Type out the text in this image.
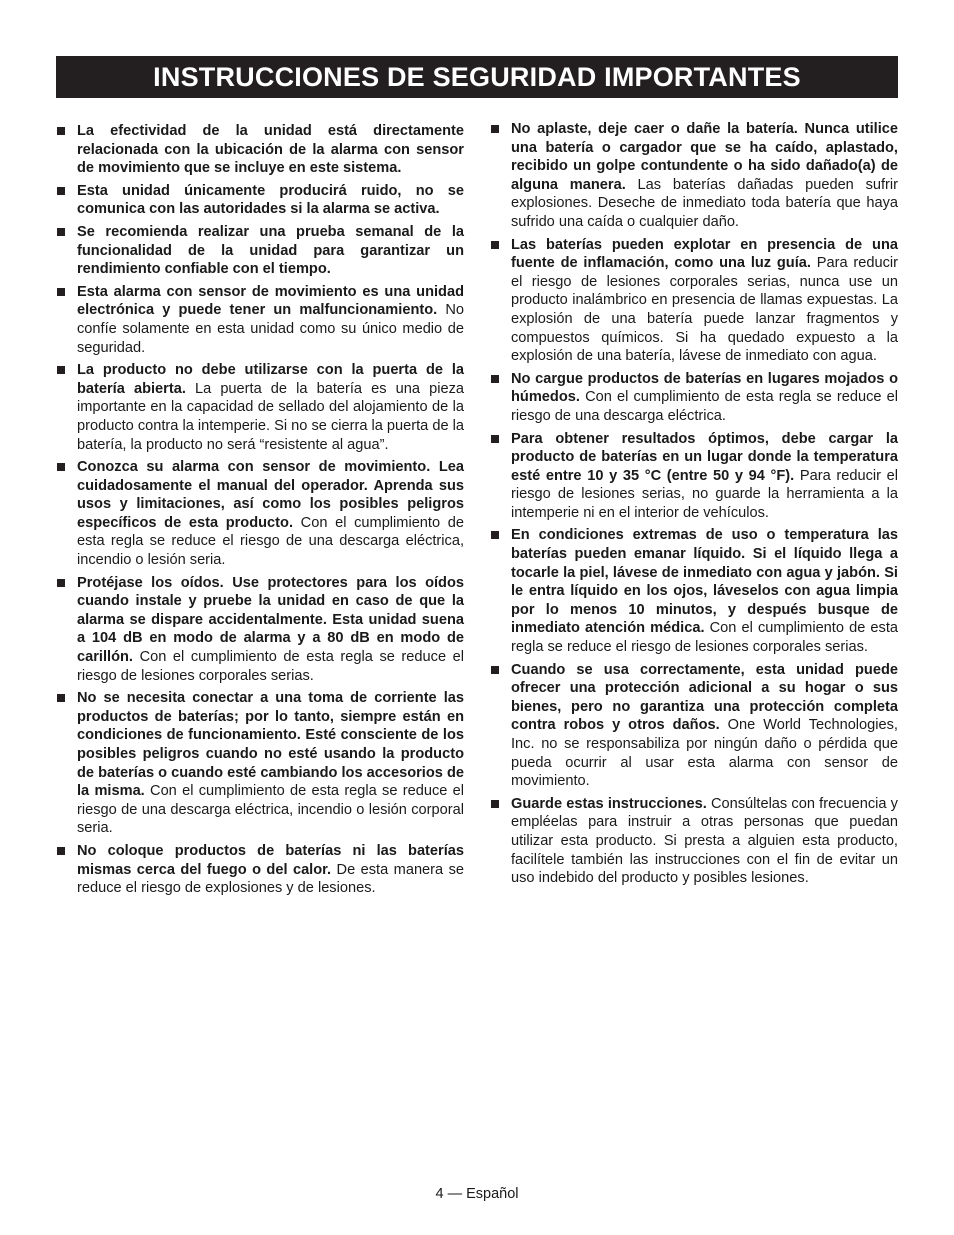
INSTRUCCIONES DE SEGURIDAD IMPORTANTES
La efectividad de la unidad está directamente relacionada con la ubicación de la alarma con sensor de movimiento que se incluye en este sistema.
Esta unidad únicamente producirá ruido, no se comunica con las autoridades si la alarma se activa.
Se recomienda realizar una prueba semanal de la funcionalidad de la unidad para garantizar un rendimiento confiable con el tiempo.
Esta alarma con sensor de movimiento es una unidad electrónica y puede tener un malfuncionamiento. No confíe solamente en esta unidad como su único medio de seguridad.
La producto no debe utilizarse con la puerta de la batería abierta. La puerta de la batería es una pieza importante en la capacidad de sellado del alojamiento de la producto contra la intemperie. Si no se cierra la puerta de la batería, la producto no será “resistente al agua”.
Conozca su alarma con sensor de movimiento. Lea cuidadosamente el manual del operador. Aprenda sus usos y limitaciones, así como los posibles peligros específicos de esta producto. Con el cumplimiento de esta regla se reduce el riesgo de una descarga eléctrica, incendio o lesión seria.
Protéjase los oídos. Use protectores para los oídos cuando instale y pruebe la unidad en caso de que la alarma se dispare accidentalmente. Esta unidad suena a 104 dB en modo de alarma y a 80 dB en modo de carillón. Con el cumplimiento de esta regla se reduce el riesgo de lesiones corporales serias.
No se necesita conectar a una toma de corriente las productos de baterías; por lo tanto, siempre están en condiciones de funcionamiento. Esté consciente de los posibles peligros cuando no esté usando la producto de baterías o cuando esté cambiando los accesorios de la misma. Con el cumplimiento de esta regla se reduce el riesgo de una descarga eléctrica, incendio o lesión corporal seria.
No coloque productos de baterías ni las baterías mismas cerca del fuego o del calor. De esta manera se reduce el riesgo de explosiones y de lesiones.
No aplaste, deje caer o dañe la batería. Nunca utilice una batería o cargador que se ha caído, aplastado, recibido un golpe contundente o ha sido dañado(a) de alguna manera. Las baterías dañadas pueden sufrir explosiones. Deseche de inmediato toda batería que haya sufrido una caída o cualquier daño.
Las baterías pueden explotar en presencia de una fuente de inflamación, como una luz guía. Para reducir el riesgo de lesiones corporales serias, nunca use un producto inalámbrico en presencia de llamas expuestas. La explosión de una batería puede lanzar fragmentos y compuestos químicos. Si ha quedado expuesto a la explosión de una batería, lávese de inmediato con agua.
No cargue productos de baterías en lugares mojados o húmedos. Con el cumplimiento de esta regla se reduce el riesgo de una descarga eléctrica.
Para obtener resultados óptimos, debe cargar la producto de baterías en un lugar donde la temperatura esté entre 10 y 35 °C (entre 50 y 94 °F). Para reducir el riesgo de lesiones serias, no guarde la herramienta a la intemperie ni en el interior de vehículos.
En condiciones extremas de uso o temperatura las baterías pueden emanar líquido. Si el líquido llega a tocarle la piel, lávese de inmediato con agua y jabón. Si le entra líquido en los ojos, láveselos con agua limpia por lo menos 10 minutos, y después busque de inmediato atención médica. Con el cumplimiento de esta regla se reduce el riesgo de lesiones corporales serias.
Cuando se usa correctamente, esta unidad puede ofrecer una protección adicional a su hogar o sus bienes, pero no garantiza una protección completa contra robos y otros daños. One World Technologies, Inc. no se responsabiliza por ningún daño o pérdida que pueda ocurrir al usar esta alarma con sensor de movimiento.
Guarde estas instrucciones. Consúltelas con frecuencia y empléelas para instruir a otras personas que puedan utilizar esta producto. Si presta a alguien esta producto, facilítele también las instrucciones con el fin de evitar un uso indebido del producto y posibles lesiones.
4 — Español
